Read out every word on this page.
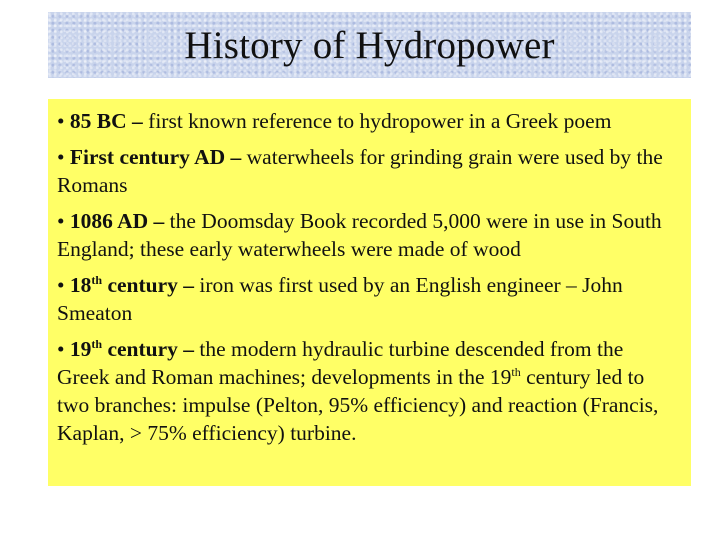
History of Hydropower
• 85 BC – first known reference to hydropower in a Greek poem
• First century AD – waterwheels for grinding grain were used by the Romans
• 1086 AD – the Doomsday Book recorded 5,000 were in use in South England; these early waterwheels were made of wood
• 18th century – iron was first used by an English engineer – John Smeaton
• 19th century – the modern hydraulic turbine descended from the Greek and Roman machines; developments in the 19th century led to two branches: impulse (Pelton, 95% efficiency) and reaction (Francis, Kaplan, > 75% efficiency) turbine.
